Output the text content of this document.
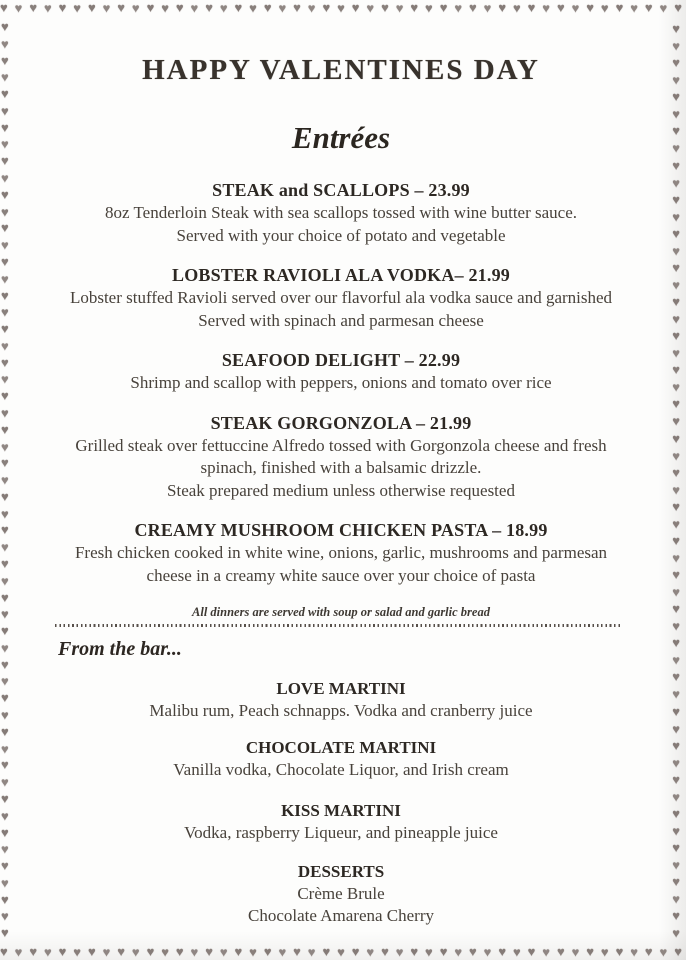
♥ ♥ ♥ ♥ ♥ ♥ ♥ ♥ ♥ ♥ ♥ ♥ ♥ ♥ ♥ ♥ ♥ ♥ ♥ ♥ ♥ ♥ ♥ ♥ ♥ ♥ ♥ ♥ ♥ ♥ ♥ ♥ ♥ ♥ ♥ ♥ ♥ ♥ ♥ ♥ ♥ ♥ ♥ ♥ ♥ ♥ ♥
♥ ♥ ♥ ♥ ♥ ♥ ♥ ♥ ♥ ♥ ♥ ♥ ♥ ♥ ♥ ♥ ♥ ♥ ♥ ♥ ♥ ♥ ♥ ♥ ♥ ♥ ♥ ♥ ♥ ♥ ♥ ♥ ♥ ♥ ♥ ♥ ♥ ♥ ♥ ♥ ♥ ♥ ♥ ♥ ♥ ♥ ♥
♥
♥
♥
♥
♥
♥
♥
♥
♥
♥
♥
♥
♥
♥
♥
♥
♥
♥
♥
♥
♥
♥
♥
♥
♥
♥
♥
♥
♥
♥
♥
♥
♥
♥
♥
♥
♥
♥
♥
♥
♥
♥
♥
♥
♥
♥
♥
♥
♥
♥
♥
♥
♥
♥
♥
♥
♥
♥
♥
♥
♥
♥
♥
♥
♥
♥
♥
♥
♥
♥
♥
♥
♥
♥
♥
♥
♥
♥
♥
♥
♥
♥
♥
♥
♥
♥
♥
♥
♥
♥
♥
♥
♥
♥
♥
♥
♥
♥
♥
♥
♥
♥
♥
♥
♥
♥
♥
♥
♥
HAPPY VALENTINES DAY
Entrées
STEAK and SCALLOPS – 23.99

8oz Tenderloin Steak with sea scallops tossed with wine butter sauce.

Served with your choice of potato and vegetable

LOBSTER RAVIOLI ALA VODKA– 21.99

Lobster stuffed Ravioli served over our flavorful ala vodka sauce and garnished

Served with spinach and parmesan cheese

SEAFOOD DELIGHT – 22.99

Shrimp and scallop with peppers, onions and tomato over rice

STEAK GORGONZOLA – 21.99

Grilled steak over fettuccine Alfredo tossed with Gorgonzola cheese and fresh

spinach, finished with a balsamic drizzle.

Steak prepared medium unless otherwise requested

CREAMY MUSHROOM CHICKEN PASTA – 18.99

Fresh chicken cooked in white wine, onions, garlic, mushrooms and parmesan

cheese in a creamy white sauce over your choice of pasta

All dinners are served with soup or salad and garlic bread

From the bar...
LOVE MARTINI

Malibu rum, Peach schnapps. Vodka and cranberry juice

CHOCOLATE MARTINI

Vanilla vodka, Chocolate Liquor, and Irish cream

KISS MARTINI

Vodka, raspberry Liqueur, and pineapple juice

DESSERTS

Crème Brule

Chocolate Amarena Cherry
